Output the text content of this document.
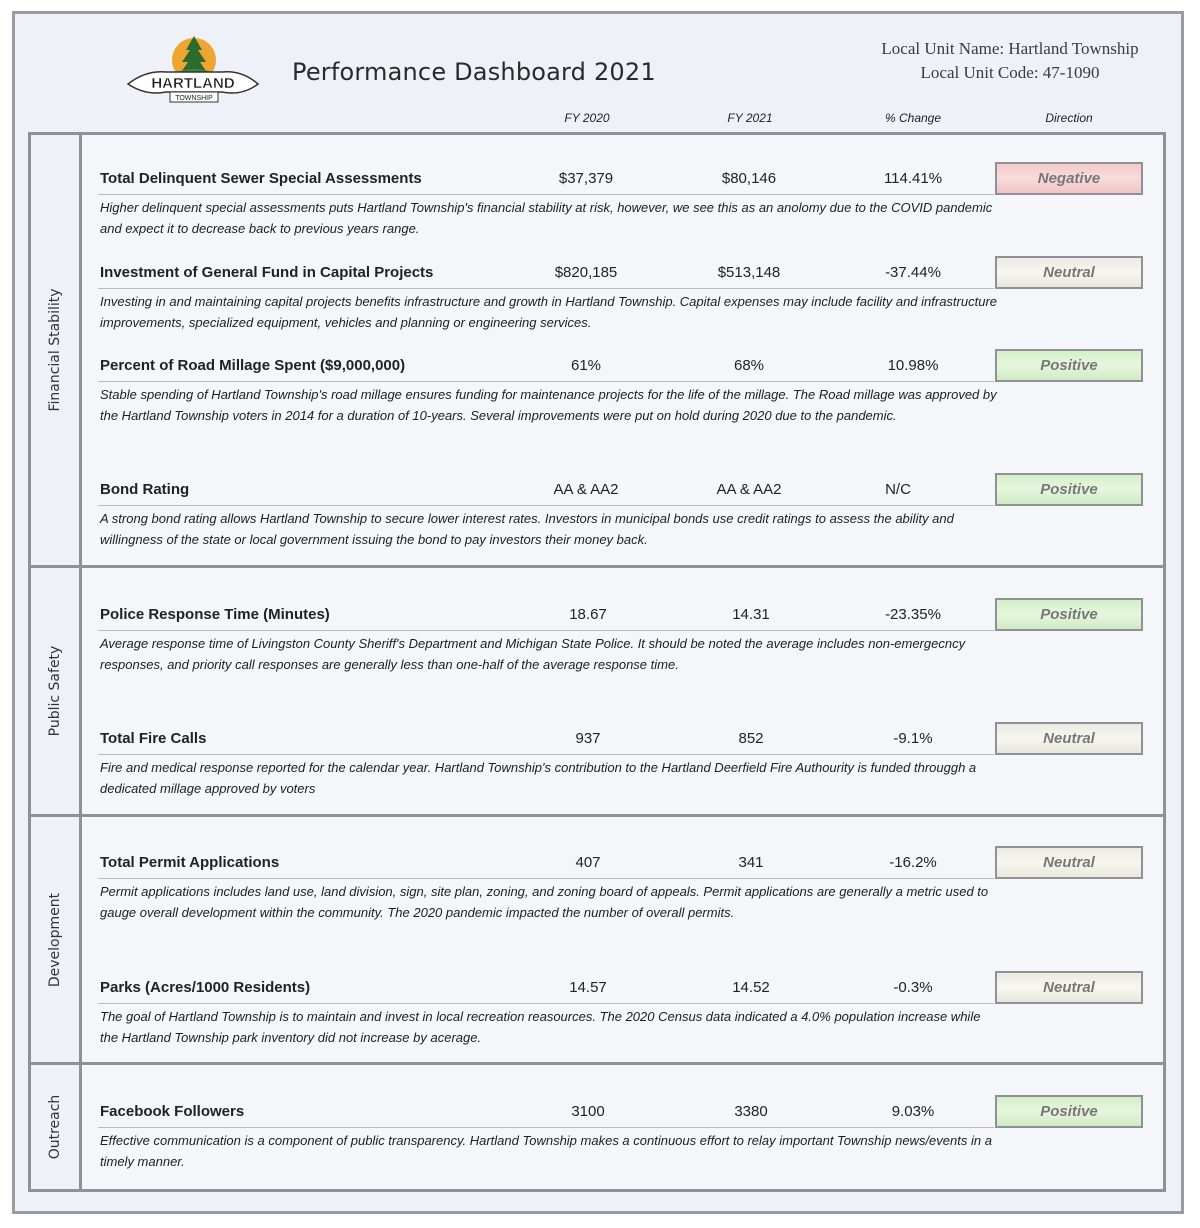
HARTLAND
TOWNSHIP
Performance Dashboard 2021
Local Unit Name: Hartland Township
Local Unit Code: 47-1090
FY 2020	FY 2021	% Change	Direction
Financial Stability
Public Safety
Development
Outreach
Total Delinquent Sewer Special Assessments	$37,379	$80,146	114.41%	Negative
Higher delinquent special assessments puts Hartland Township's financial stability at risk, however, we see this as an anolomy due to the COVID pandemic and expect it to decrease back to previous years range.
Investment of General Fund in Capital Projects	$820,185	$513,148	-37.44%	Neutral
Investing in and maintaining capital projects benefits infrastructure and growth in Hartland Township. Capital expenses may include facility and infrastructure improvements, specialized equipment, vehicles and planning or engineering services.
Percent of Road Millage Spent ($9,000,000)	61%	68%	10.98%	Positive
Stable spending of Hartland Township's road millage ensures funding for maintenance projects for the life of the millage. The Road millage was approved by the Hartland Township voters in 2014 for a duration of 10-years. Several improvements were put on hold during 2020 due to the pandemic.
Bond Rating	AA & AA2	AA & AA2	N/C	Positive
A strong bond rating allows Hartland Township to secure lower interest rates. Investors in municipal bonds use credit ratings to assess the ability and willingness of the state or local government issuing the bond to pay investors their money back.
Police Response Time (Minutes)	18.67	14.31	-23.35%	Positive
Average response time of Livingston County Sheriff's Department and Michigan State Police. It should be noted the average includes non-emergecncy responses, and priority call responses are generally less than one-half of the average response time.
Total Fire Calls	937	852	-9.1%	Neutral
Fire and medical response reported for the calendar year. Hartland Township's contribution to the Hartland Deerfield Fire Authourity is funded througgh a dedicated millage approved by voters
Total Permit Applications	407	341	-16.2%	Neutral
Permit applications includes land use, land division, sign, site plan, zoning, and zoning board of appeals. Permit applications are generally a metric used to gauge overall development within the community. The 2020 pandemic impacted the number of overall permits.
Parks (Acres/1000 Residents)	14.57	14.52	-0.3%	Neutral
The goal of Hartland Township is to maintain and invest in local recreation reasources. The 2020 Census data indicated a 4.0% population increase while the Hartland Township park inventory did not increase by acerage.
Facebook Followers	3100	3380	9.03%	Positive
Effective communication is a component of public transparency. Hartland Township makes a continuous effort to relay important Township news/events in a timely manner.
